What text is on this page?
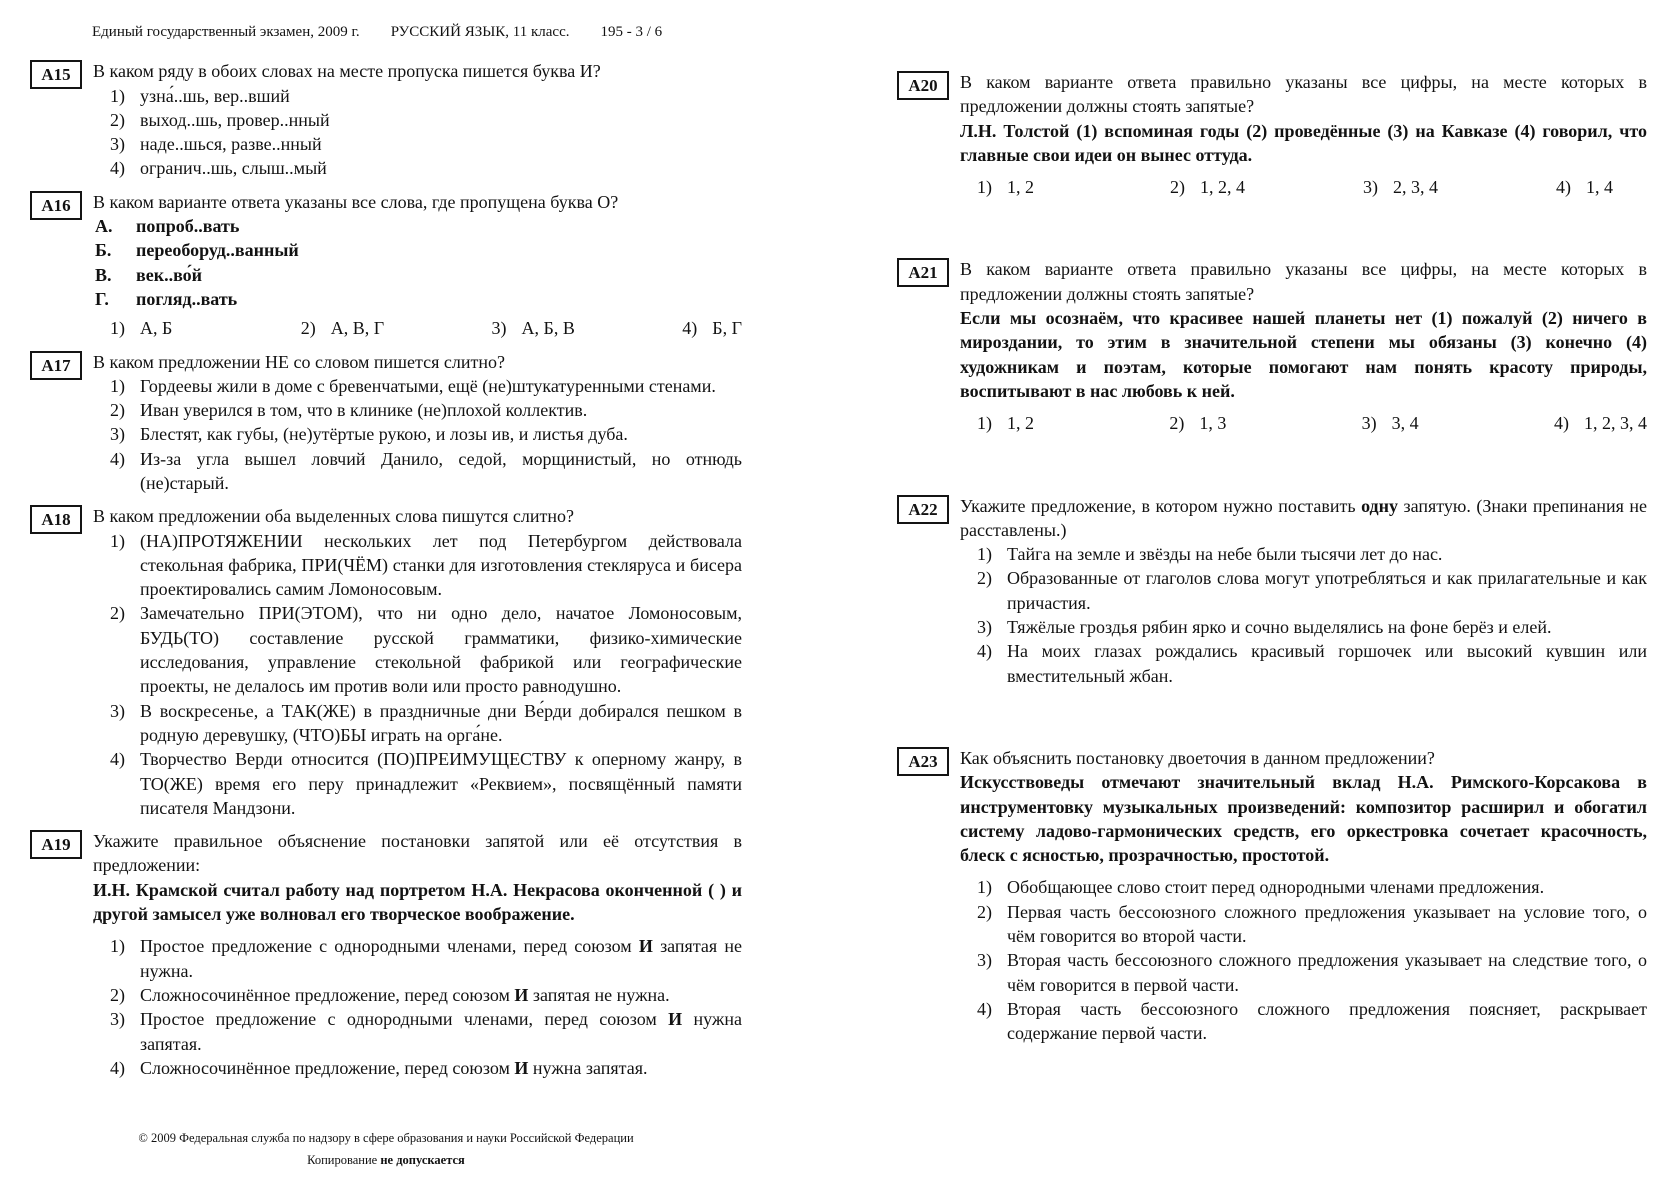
Единый государственный экзамен, 2009 г. РУССКИЙ ЯЗЫК, 11 класс. 195 - 3 / 6
A15	В каком ряду в обоих словах на месте пропуска пишется буква И?
1) узна́..шь, вер..вший
2) выход..шь, провер..нный
3) наде..шься, разве..нный
4) огранич..шь, слыш..мый
A16	В каком варианте ответа указаны все слова, где пропущена буква О?
А.	попроб..вать
Б.	переоборуд..ванный
В.	век..во́й
Г.	погляд..вать
1) А, Б	2) А, В, Г	3) А, Б, В	4) Б, Г
A17	В каком предложении НЕ со словом пишется слитно?
1) Гордеевы жили в доме с бревенчатыми, ещё (не)штукатуренными стенами.
2) Иван уверился в том, что в клинике (не)плохой коллектив.
3) Блестят, как губы, (не)утёртые рукою, и лозы ив, и листья дуба.
4) Из-за угла вышел ловчий Данило, седой, морщинистый, но отнюдь (не)старый.
A18	В каком предложении оба выделенных слова пишутся слитно?
1) (НА)ПРОТЯЖЕНИИ нескольких лет под Петербургом действовала стекольная фабрика, ПРИ(ЧЁМ) станки для изготовления стекляруса и бисера проектировались самим Ломоносовым.
2) Замечательно ПРИ(ЭТОМ), что ни одно дело, начатое Ломоносовым, БУДЬ(ТО) составление русской грамматики, физико-химические исследования, управление стекольной фабрикой или географические проекты, не делалось им против воли или просто равнодушно.
3) В воскресенье, а ТАК(ЖЕ) в праздничные дни Ве́рди добирался пешком в родную деревушку, (ЧТО)БЫ играть на орга́не.
4) Творчество Верди относится (ПО)ПРЕИМУЩЕСТВУ к оперному жанру, в ТО(ЖЕ) время его перу принадлежит «Реквием», посвящённый памяти писателя Мандзони.
A19	Укажите правильное объяснение постановки запятой или её отсутствия в предложении:
И.Н. Крамской считал работу над портретом Н.А. Некрасова оконченной ( ) и другой замысел уже волновал его творческое воображение.
1) Простое предложение с однородными членами, перед союзом И запятая не нужна.
2) Сложносочинённое предложение, перед союзом И запятая не нужна.
3) Простое предложение с однородными членами, перед союзом И нужна запятая.
4) Сложносочинённое предложение, перед союзом И нужна запятая.
© 2009 Федеральная служба по надзору в сфере образования и науки Российской Федерации
Копирование не допускается
A20	В каком варианте ответа правильно указаны все цифры, на месте которых в предложении должны стоять запятые?
Л.Н. Толстой (1) вспоминая годы (2) проведённые (3) на Кавказе (4) говорил, что главные свои идеи он вынес оттуда.
1) 1, 2	2) 1, 2, 4	3) 2, 3, 4	4) 1, 4
A21	В каком варианте ответа правильно указаны все цифры, на месте которых в предложении должны стоять запятые?
Если мы осознаём, что красивее нашей планеты нет (1) пожалуй (2) ничего в мироздании, то этим в значительной степени мы обязаны (3) конечно (4) художникам и поэтам, которые помогают нам понять красоту природы, воспитывают в нас любовь к ней.
1) 1, 2	2) 1, 3	3) 3, 4	4) 1, 2, 3, 4
A22	Укажите предложение, в котором нужно поставить одну запятую. (Знаки препинания не расставлены.)
1) Тайга на земле и звёзды на небе были тысячи лет до нас.
2) Образованные от глаголов слова могут употребляться и как прилагательные и как причастия.
3) Тяжёлые гроздья рябин ярко и сочно выделялись на фоне берёз и елей.
4) На моих глазах рождались красивый горшочек или высокий кувшин или вместительный жбан.
A23	Как объяснить постановку двоеточия в данном предложении?
Искусствоведы отмечают значительный вклад Н.А. Римского-Корсакова в инструментовку музыкальных произведений: композитор расширил и обогатил систему ладово-гармонических средств, его оркестровка сочетает красочность, блеск с ясностью, прозрачностью, простотой.
1) Обобщающее слово стоит перед однородными членами предложения.
2) Первая часть бессоюзного сложного предложения указывает на условие того, о чём говорится во второй части.
3) Вторая часть бессоюзного сложного предложения указывает на следствие того, о чём говорится в первой части.
4) Вторая часть бессоюзного сложного предложения поясняет, раскрывает содержание первой части.
